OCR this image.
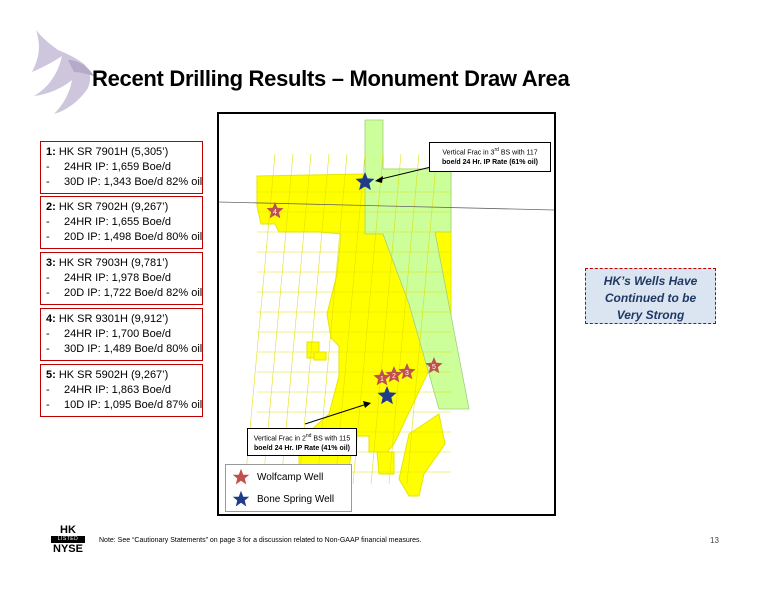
Recent Drilling Results – Monument Draw Area
1: HK SR 7901H (5,305’)
- 24HR IP: 1,659 Boe/d
- 30D IP: 1,343 Boe/d 82% oil
2: HK SR 7902H (9,267’)
- 24HR IP: 1,655 Boe/d
- 20D IP: 1,498 Boe/d 80% oil
3: HK SR 7903H (9,781’)
- 24HR IP: 1,978 Boe/d
- 20D IP: 1,722 Boe/d 82% oil
4: HK SR 9301H (9,912’)
- 24HR IP: 1,700 Boe/d
- 30D IP: 1,489 Boe/d 80% oil
5: HK SR 5902H (9,267’)
- 24HR IP: 1,863 Boe/d
- 10D IP: 1,095 Boe/d 87% oil
4
1 2 3
5
Vertical Frac in 3rd BS with 117
boe/d 24 Hr. IP Rate (61% oil)
Vertical Frac in 2nd BS with 115
boe/d 24 Hr. IP Rate (41% oil)
Wolfcamp Well
Bone Spring Well
HK’s Wells Have
Continued to be
Very Strong
HK
LISTED
NYSE
Note: See “Cautionary Statements” on page 3 for a discussion related to Non-GAAP financial measures.	13
